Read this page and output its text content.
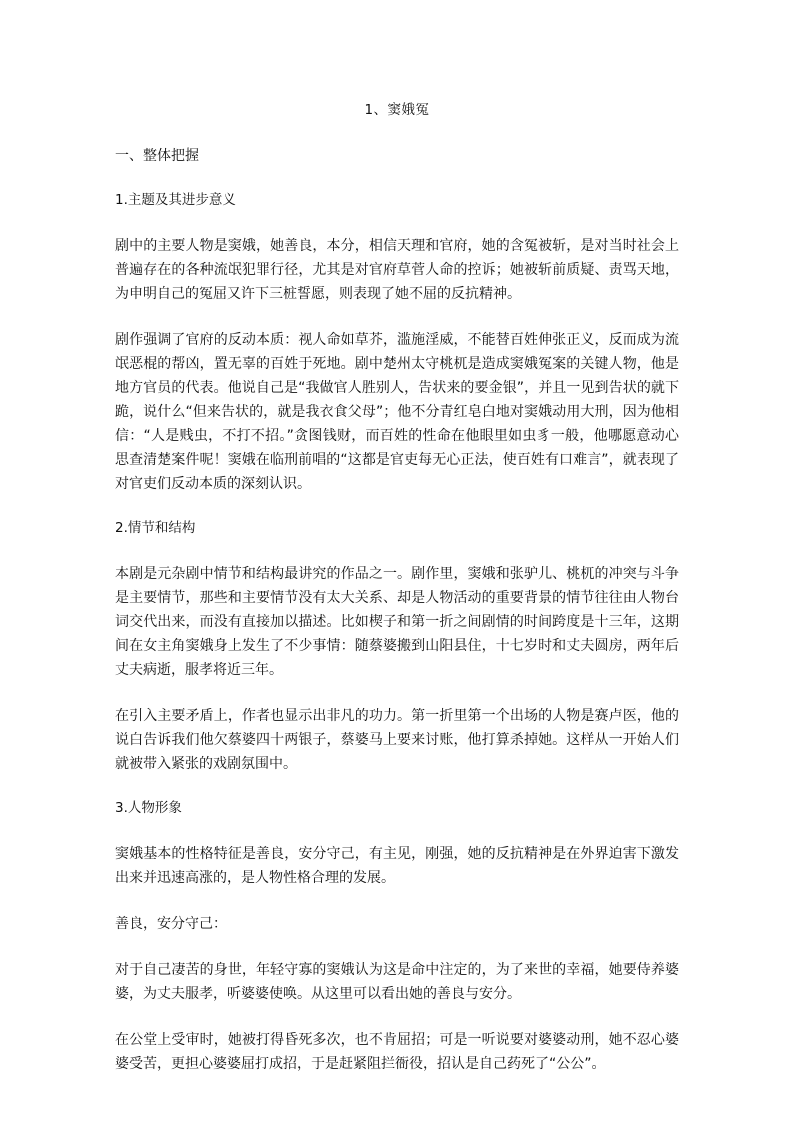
1、窦娥冤
一、整体把握
1.主题及其进步意义

剧中的主要人物是窦娥，她善良，本分，相信天理和官府，她的含冤被斩，是对当时社会上普遍存在的各种流氓犯罪行径，尤其是对官府草菅人命的控诉；她被斩前质疑、责骂天地，为申明自己的冤屈又许下三桩誓愿，则表现了她不屈的反抗精神。

剧作强调了官府的反动本质：视人命如草芥，滥施淫威，不能替百姓伸张正义，反而成为流氓恶棍的帮凶，置无辜的百姓于死地。剧中楚州太守桃杌是造成窦娥冤案的关键人物，他是地方官员的代表。他说自己是“我做官人胜别人，告状来的要金银”，并且一见到告状的就下跪，说什么“但来告状的，就是我衣食父母”；他不分青红皂白地对窦娥动用大刑，因为他相信：“人是贱虫，不打不招。”贪图钱财，而百姓的性命在他眼里如虫豸一般，他哪愿意动心思查清楚案件呢！窦娥在临刑前唱的“这都是官吏每无心正法，使百姓有口难言”，就表现了对官吏们反动本质的深刻认识。

2.情节和结构

本剧是元杂剧中情节和结构最讲究的作品之一。剧作里，窦娥和张驴儿、桃杌的冲突与斗争是主要情节，那些和主要情节没有太大关系、却是人物活动的重要背景的情节往往由人物台词交代出来，而没有直接加以描述。比如楔子和第一折之间剧情的时间跨度是十三年，这期间在女主角窦娥身上发生了不少事情：随蔡婆搬到山阳县住，十七岁时和丈夫圆房，两年后丈夫病逝，服孝将近三年。

在引入主要矛盾上，作者也显示出非凡的功力。第一折里第一个出场的人物是赛卢医，他的说白告诉我们他欠蔡婆四十两银子，蔡婆马上要来讨账，他打算杀掉她。这样从一开始人们就被带入紧张的戏剧氛围中。

3.人物形象

窦娥基本的性格特征是善良，安分守己，有主见，刚强，她的反抗精神是在外界迫害下激发出来并迅速高涨的，是人物性格合理的发展。

善良，安分守己：

对于自己凄苦的身世，年轻守寡的窦娥认为这是命中注定的，为了来世的幸福，她要侍养婆婆，为丈夫服孝，听婆婆使唤。从这里可以看出她的善良与安分。

在公堂上受审时，她被打得昏死多次，也不肯屈招；可是一听说要对婆婆动刑，她不忍心婆婆受苦，更担心婆婆屈打成招，于是赶紧阻拦衙役，招认是自己药死了“公公”。
